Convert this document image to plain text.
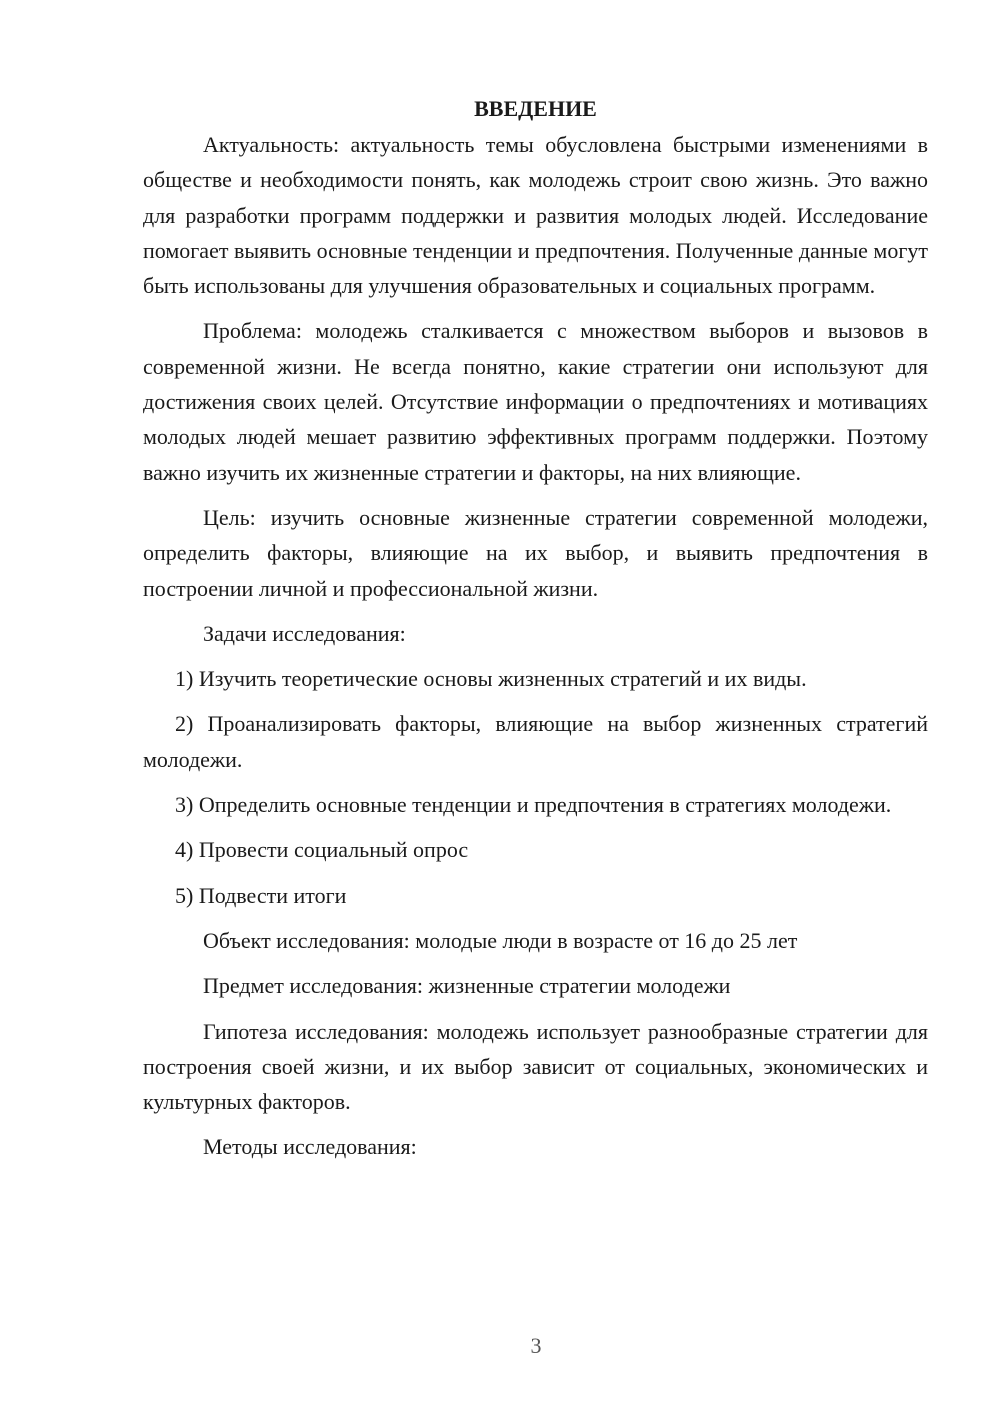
ВВЕДЕНИЕ

Актуальность: актуальность темы обусловлена быстрыми изменениями в обществе и необходимости понять, как молодежь строит свою жизнь. Это важно для разработки программ поддержки и развития молодых людей. Исследование помогает выявить основные тенденции и предпочтения. Полученные данные могут быть использованы для улучшения образовательных и социальных программ.

Проблема: молодежь сталкивается с множеством выборов и вызовов в современной жизни. Не всегда понятно, какие стратегии они используют для достижения своих целей. Отсутствие информации о предпочтениях и мотивациях молодых людей мешает развитию эффективных программ поддержки. Поэтому важно изучить их жизненные стратегии и факторы, на них влияющие.

Цель: изучить основные жизненные стратегии современной молодежи, определить факторы, влияющие на их выбор, и выявить предпочтения в построении личной и профессиональной жизни.

Задачи исследования:

1) Изучить теоретические основы жизненных стратегий и их виды.

2) Проанализировать факторы, влияющие на выбор жизненных стратегий молодежи.

3) Определить основные тенденции и предпочтения в стратегиях молодежи.

4) Провести социальный опрос

5) Подвести итоги

Объект исследования: молодые люди в возрасте от 16 до 25 лет

Предмет исследования: жизненные стратегии молодежи

Гипотеза исследования: молодежь использует разнообразные стратегии для построения своей жизни, и их выбор зависит от социальных, экономических и культурных факторов.

Методы исследования:

3
